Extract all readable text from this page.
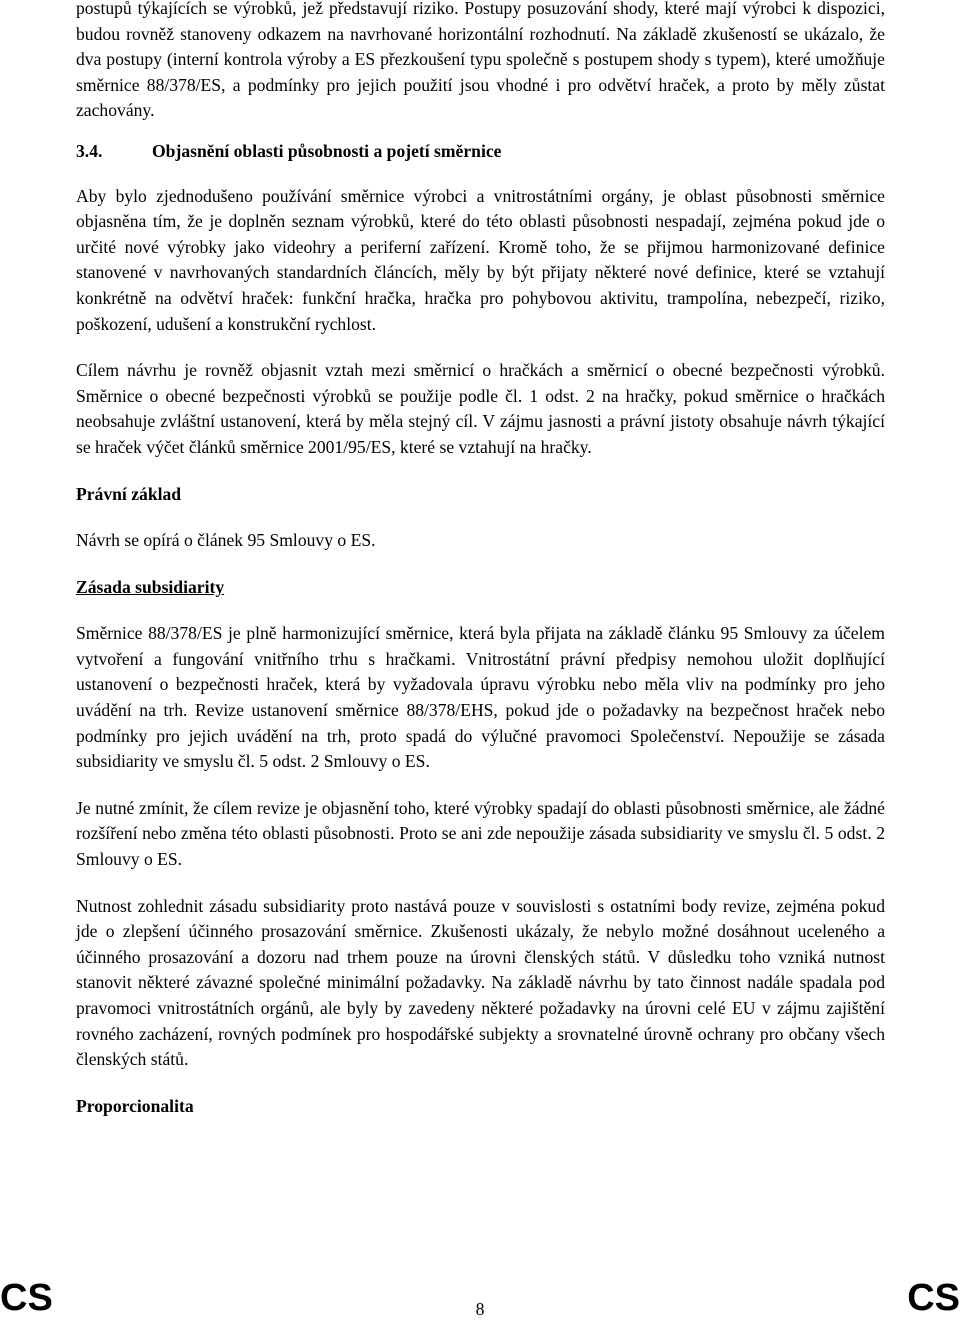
postupů týkajících se výrobků, jež představují riziko. Postupy posuzování shody, které mají výrobci k dispozici, budou rovněž stanoveny odkazem na navrhované horizontální rozhodnutí. Na základě zkušeností se ukázalo, že dva postupy (interní kontrola výroby a ES přezkoušení typu společně s postupem shody s typem), které umožňuje směrnice 88/378/ES, a podmínky pro jejich použití jsou vhodné i pro odvětví hraček, a proto by měly zůstat zachovány.

3.4.	Objasnění oblasti působnosti a pojetí směrnice

Aby bylo zjednodušeno používání směrnice výrobci a vnitrostátními orgány, je oblast působnosti směrnice objasněna tím, že je doplněn seznam výrobků, které do této oblasti působnosti nespadají, zejména pokud jde o určité nové výrobky jako videohry a periferní zařízení. Kromě toho, že se přijmou harmonizované definice stanovené v navrhovaných standardních článcích, měly by být přijaty některé nové definice, které se vztahují konkrétně na odvětví hraček: funkční hračka, hračka pro pohybovou aktivitu, trampolína, nebezpečí, riziko, poškození, udušení a konstrukční rychlost.

Cílem návrhu je rovněž objasnit vztah mezi směrnicí o hračkách a směrnicí o obecné bezpečnosti výrobků. Směrnice o obecné bezpečnosti výrobků se použije podle čl. 1 odst. 2 na hračky, pokud směrnice o hračkách neobsahuje zvláštní ustanovení, která by měla stejný cíl. V zájmu jasnosti a právní jistoty obsahuje návrh týkající se hraček výčet článků směrnice 2001/95/ES, které se vztahují na hračky.

Právní základ

Návrh se opírá o článek 95 Smlouvy o ES.

Zásada subsidiarity

Směrnice 88/378/ES je plně harmonizující směrnice, která byla přijata na základě článku 95 Smlouvy za účelem vytvoření a fungování vnitřního trhu s hračkami. Vnitrostátní právní předpisy nemohou uložit doplňující ustanovení o bezpečnosti hraček, která by vyžadovala úpravu výrobku nebo měla vliv na podmínky pro jeho uvádění na trh. Revize ustanovení směrnice 88/378/EHS, pokud jde o požadavky na bezpečnost hraček nebo podmínky pro jejich uvádění na trh, proto spadá do výlučné pravomoci Společenství. Nepoužije se zásada subsidiarity ve smyslu čl. 5 odst. 2 Smlouvy o ES.

Je nutné zmínit, že cílem revize je objasnění toho, které výrobky spadají do oblasti působnosti směrnice, ale žádné rozšíření nebo změna této oblasti působnosti. Proto se ani zde nepoužije zásada subsidiarity ve smyslu čl. 5 odst. 2 Smlouvy o ES.

Nutnost zohlednit zásadu subsidiarity proto nastává pouze v souvislosti s ostatními body revize, zejména pokud jde o zlepšení účinného prosazování směrnice. Zkušenosti ukázaly, že nebylo možné dosáhnout uceleného a účinného prosazování a dozoru nad trhem pouze na úrovni členských států. V důsledku toho vzniká nutnost stanovit některé závazné společné minimální požadavky. Na základě návrhu by tato činnost nadále spadala pod pravomoci vnitrostátních orgánů, ale byly by zavedeny některé požadavky na úrovni celé EU v zájmu zajištění rovného zacházení, rovných podmínek pro hospodářské subjekty a srovnatelné úrovně ochrany pro občany všech členských států.

Proporcionalita
CS	8	CS
